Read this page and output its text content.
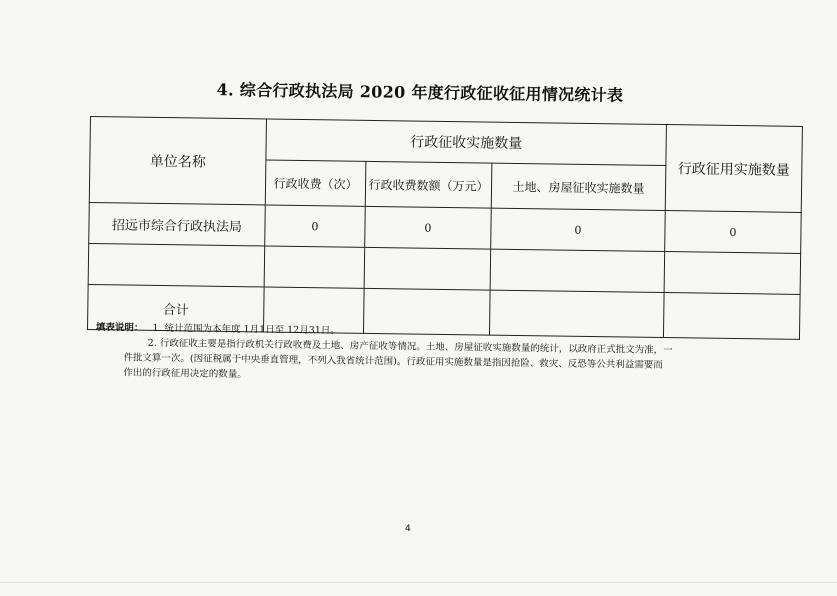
4. 综合行政执法局 2020 年度行政征收征用情况统计表
单位名称	行政征收实施数量			行政征用实施数量
	行政收费（次）	行政收费数额（万元）	土地、房屋征收实施数量	
招远市综合行政执法局	0	0	0	0

合计				
填表说明： 1. 统计范围为本年度 1月1日至 12月31日。
2. 行政征收主要是指行政机关行政收费及土地、房产征收等情况。土地、房屋征收实施数量的统计，以政府正式批文为准，一
件批文算一次。(因征税属于中央垂直管理，不列入我省统计范围)。行政征用实施数量是指因抢险、救灾、反恐等公共利益需要而
作出的行政征用决定的数量。
4
